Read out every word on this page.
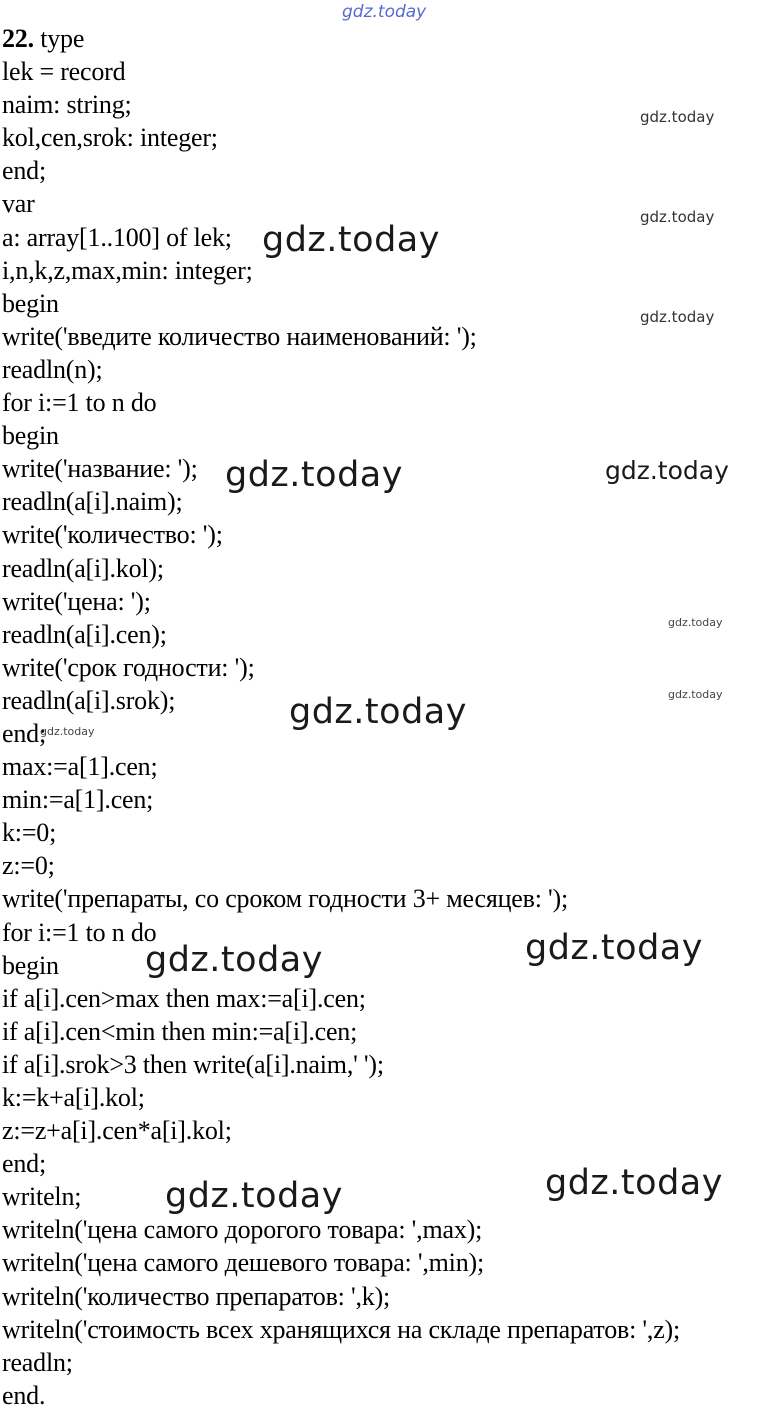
gdz.today
22. type
lek = record
naim: string;
kol,cen,srok: integer;
end;
var
a: array[1..100] of lek;
i,n,k,z,max,min: integer;
begin
write('введите количество наименований: ');
readln(n);
for i:=1 to n do
begin
write('название: ');
readln(a[i].naim);
write('количество: ');
readln(a[i].kol);
write('цена: ');
readln(a[i].cen);
write('срок годности: ');
readln(a[i].srok);
end;
max:=a[1].cen;
min:=a[1].cen;
k:=0;
z:=0;
write('препараты, со сроком годности 3+ месяцев: ');
for i:=1 to n do
begin
if a[i].cen>max then max:=a[i].cen;
if a[i].cen<min then min:=a[i].cen;
if a[i].srok>3 then write(a[i].naim,' ');
k:=k+a[i].kol;
z:=z+a[i].cen*a[i].kol;
end;
writeln;
writeln('цена самого дорогого товара: ',max);
writeln('цена самого дешевого товара: ',min);
writeln('количество препаратов: ',k);
writeln('стоимость всех хранящихся на складе препаратов: ',z);
readln;
end.
gdz.today
gdz.today
gdz.today
gdz.today
gdz.today	gdz.today
gdz.today
gdz.today
gdz.today
gdz.today
gdz.today
gdz.today
gdz.today
gdz.today
